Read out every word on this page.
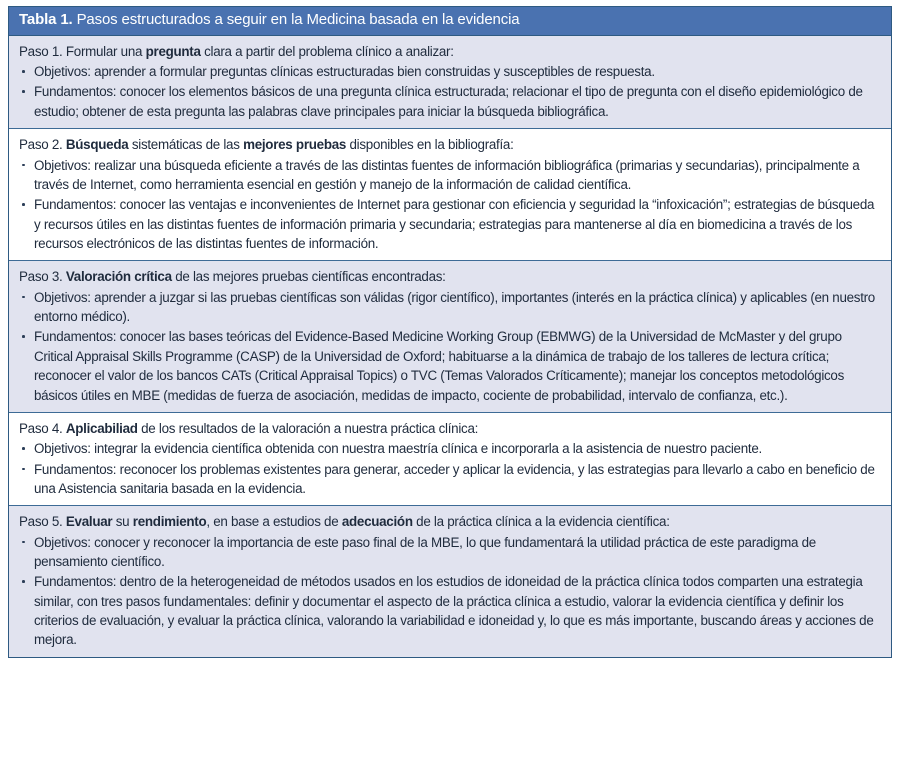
Tabla 1. Pasos estructurados a seguir en la Medicina basada en la evidencia

Paso 1. Formular una pregunta clara a partir del problema clínico a analizar:

Objetivos: aprender a formular preguntas clínicas estructuradas bien construidas y susceptibles de respuesta.
Fundamentos: conocer los elementos básicos de una pregunta clínica estructurada; relacionar el tipo de pregunta con el diseño epidemiológico de estudio; obtener de esta pregunta las palabras clave principales para iniciar la búsqueda bibliográfica.

Paso 2. Búsqueda sistemáticas de las mejores pruebas disponibles en la bibliografía:

Objetivos: realizar una búsqueda eficiente a través de las distintas fuentes de información bibliográfica (primarias y secundarias), principalmente a través de Internet, como herramienta esencial en gestión y manejo de la información de calidad científica.
Fundamentos: conocer las ventajas e inconvenientes de Internet para gestionar con eficiencia y seguridad la “infoxicación”; estrategias de búsqueda y recursos útiles en las distintas fuentes de información primaria y secundaria; estrategias para mantenerse al día en biomedicina a través de los recursos electrónicos de las distintas fuentes de información.

Paso 3. Valoración crítica de las mejores pruebas científicas encontradas:

Objetivos: aprender a juzgar si las pruebas científicas son válidas (rigor científico), importantes (interés en la práctica clínica) y aplicables (en nuestro entorno médico).
Fundamentos: conocer las bases teóricas del Evidence-Based Medicine Working Group (EBMWG) de la Universidad de McMaster y del grupo Critical Appraisal Skills Programme (CASP) de la Universidad de Oxford; habituarse a la dinámica de trabajo de los talleres de lectura crítica; reconocer el valor de los bancos CATs (Critical Appraisal Topics) o TVC (Temas Valorados Críticamente); manejar los conceptos metodológicos básicos útiles en MBE (medidas de fuerza de asociación, medidas de impacto, cociente de probabilidad, intervalo de confianza, etc.).

Paso 4. Aplicabiliad de los resultados de la valoración a nuestra práctica clínica:

Objetivos: integrar la evidencia científica obtenida con nuestra maestría clínica e incorporarla a la asistencia de nuestro paciente.
Fundamentos: reconocer los problemas existentes para generar, acceder y aplicar la evidencia, y las estrategias para llevarlo a cabo en beneficio de una Asistencia sanitaria basada en la evidencia.

Paso 5. Evaluar su rendimiento, en base a estudios de adecuación de la práctica clínica a la evidencia científica:

Objetivos: conocer y reconocer la importancia de este paso final de la MBE, lo que fundamentará la utilidad práctica de este paradigma de pensamiento científico.
Fundamentos: dentro de la heterogeneidad de métodos usados en los estudios de idoneidad de la práctica clínica todos comparten una estrategia similar, con tres pasos fundamentales: definir y documentar el aspecto de la práctica clínica a estudio, valorar la evidencia científica y definir los criterios de evaluación, y evaluar la práctica clínica, valorando la variabilidad e idoneidad y, lo que es más importante, buscando áreas y acciones de mejora.
